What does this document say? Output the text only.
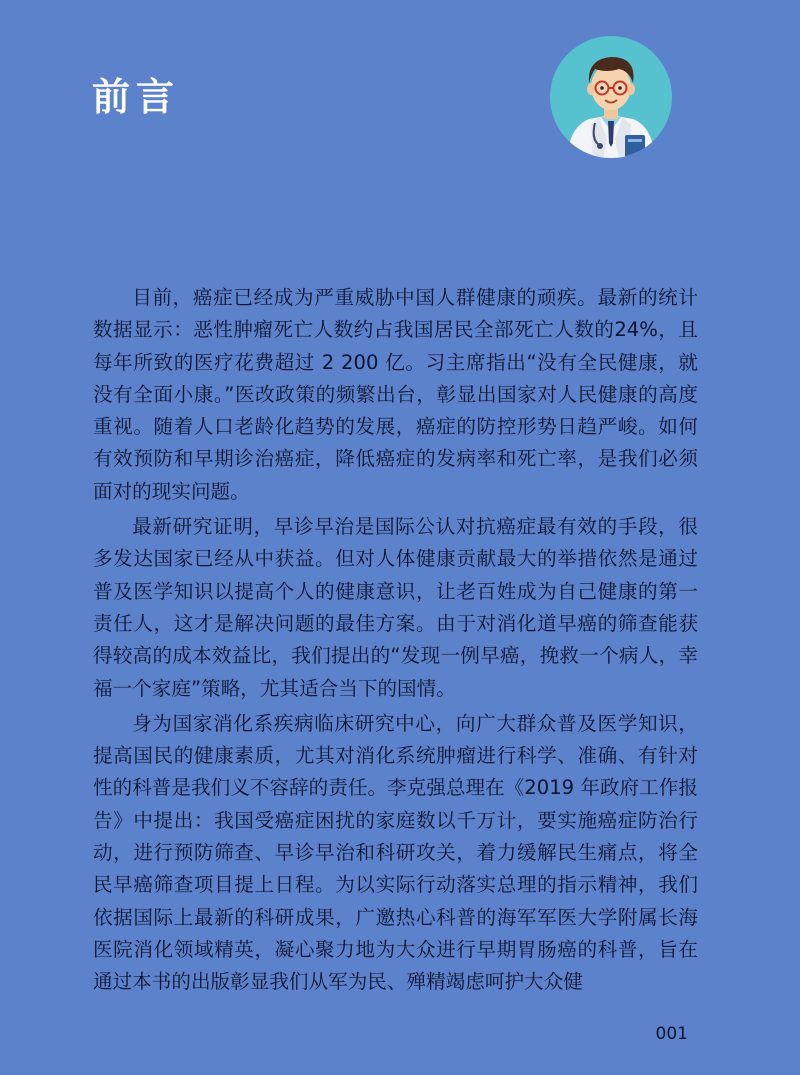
前言

目前，癌症已经成为严重威胁中国人群健康的顽疾。最新的统计数据显示：恶性肿瘤死亡人数约占我国居民全部死亡人数的24%，且每年所致的医疗花费超过 2 200 亿。习主席指出“没有全民健康，就没有全面小康。”医改政策的频繁出台，彰显出国家对人民健康的高度重视。随着人口老龄化趋势的发展，癌症的防控形势日趋严峻。如何有效预防和早期诊治癌症，降低癌症的发病率和死亡率，是我们必须面对的现实问题。

最新研究证明，早诊早治是国际公认对抗癌症最有效的手段，很多发达国家已经从中获益。但对人体健康贡献最大的举措依然是通过普及医学知识以提高个人的健康意识，让老百姓成为自己健康的第一责任人，这才是解决问题的最佳方案。由于对消化道早癌的筛查能获得较高的成本效益比，我们提出的“发现一例早癌，挽救一个病人，幸福一个家庭”策略，尤其适合当下的国情。

身为国家消化系疾病临床研究中心，向广大群众普及医学知识，提高国民的健康素质，尤其对消化系统肿瘤进行科学、准确、有针对性的科普是我们义不容辞的责任。李克强总理在《2019 年政府工作报告》中提出：我国受癌症困扰的家庭数以千万计，要实施癌症防治行动，进行预防筛查、早诊早治和科研攻关，着力缓解民生痛点，将全民早癌筛查项目提上日程。为以实际行动落实总理的指示精神，我们依据国际上最新的科研成果，广邀热心科普的海军军医大学附属长海医院消化领域精英，凝心聚力地为大众进行早期胃肠癌的科普，旨在通过本书的出版彰显我们从军为民、殚精竭虑呵护大众健

001
